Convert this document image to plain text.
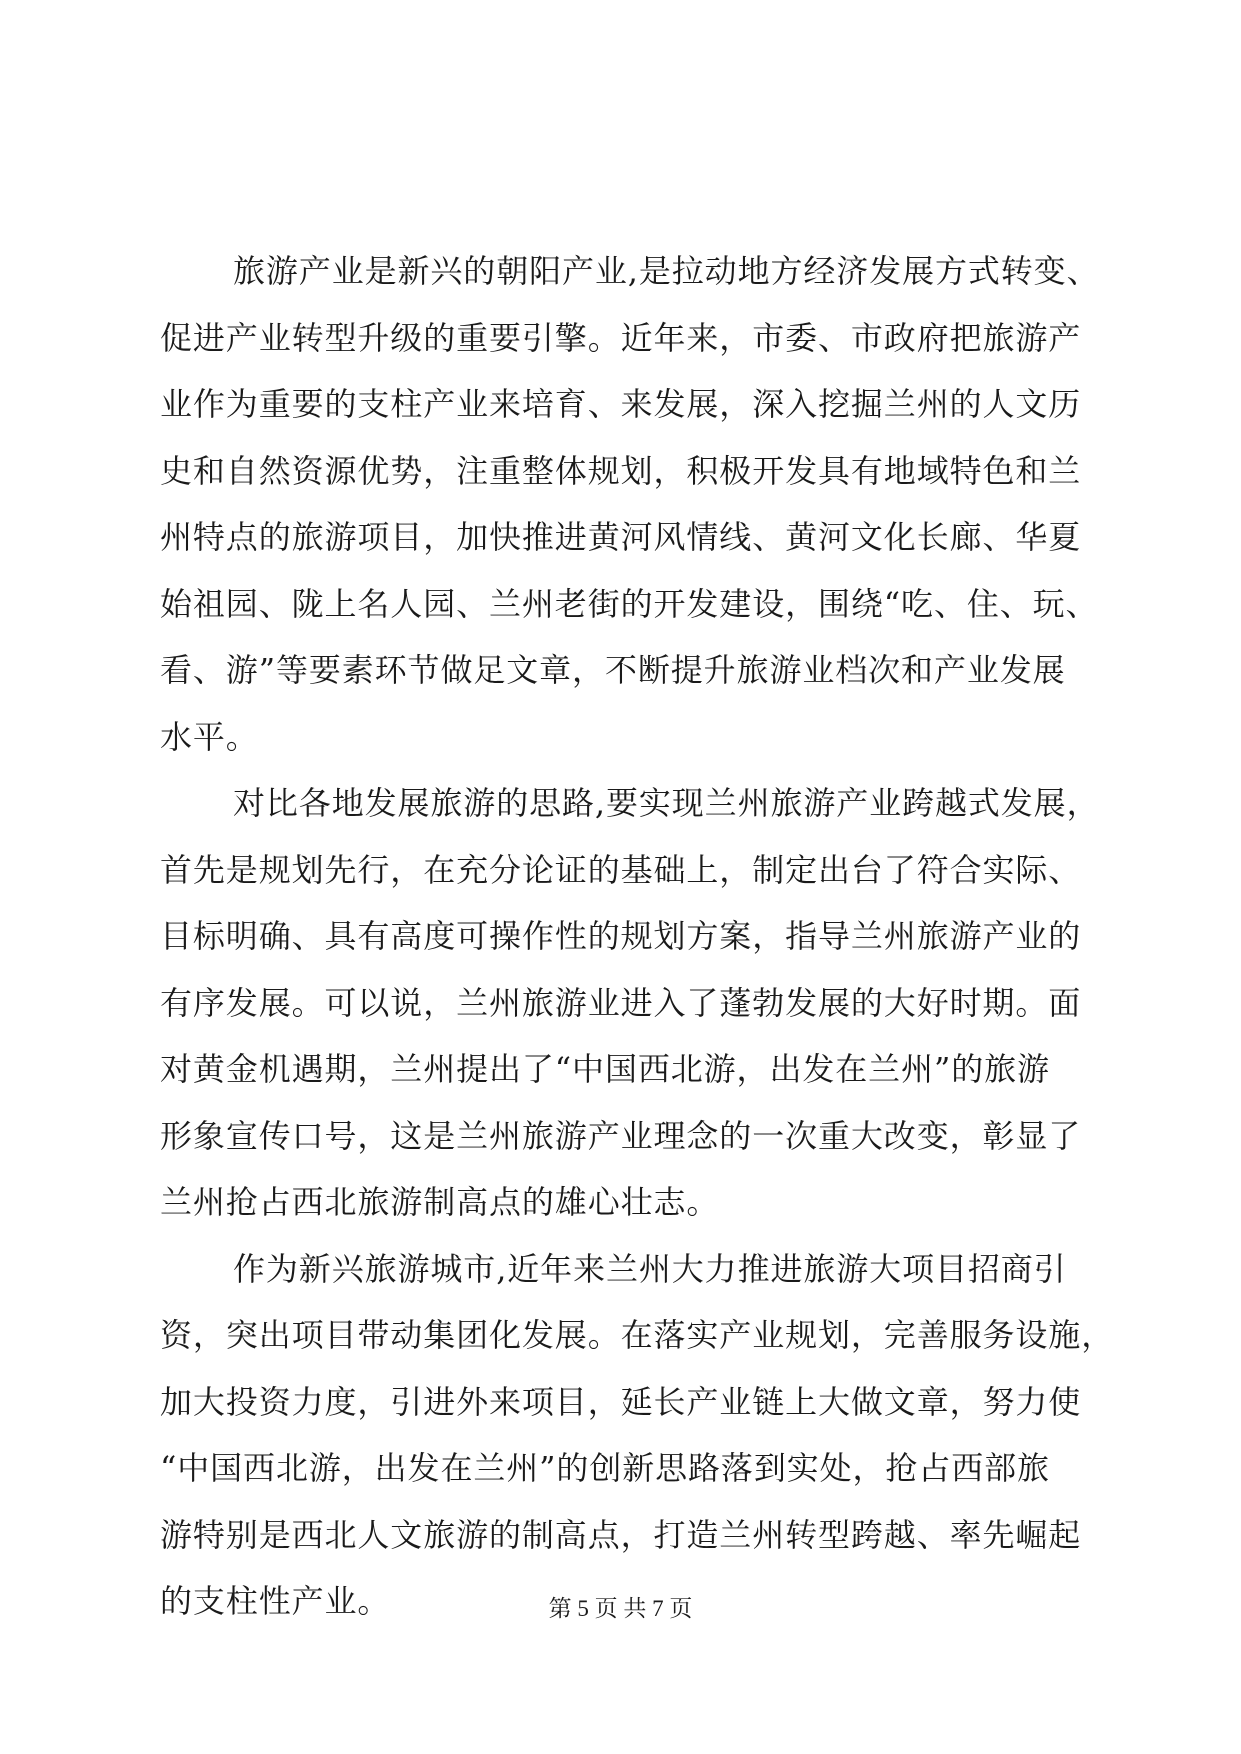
旅游产业是新兴的朝阳产业,是拉动地方经济发展方式转变、
促进产业转型升级的重要引擎。近年来，市委、市政府把旅游产
业作为重要的支柱产业来培育、来发展，深入挖掘兰州的人文历
史和自然资源优势，注重整体规划，积极开发具有地域特色和兰
州特点的旅游项目，加快推进黄河风情线、黄河文化长廊、华夏
始祖园、陇上名人园、兰州老街的开发建设，围绕“吃、住、玩、
看、游”等要素环节做足文章，不断提升旅游业档次和产业发展
水平。
对比各地发展旅游的思路,要实现兰州旅游产业跨越式发展，
首先是规划先行，在充分论证的基础上，制定出台了符合实际、
目标明确、具有高度可操作性的规划方案，指导兰州旅游产业的
有序发展。可以说，兰州旅游业进入了蓬勃发展的大好时期。面
对黄金机遇期，兰州提出了“中国西北游，出发在兰州”的旅游
形象宣传口号，这是兰州旅游产业理念的一次重大改变，彰显了
兰州抢占西北旅游制高点的雄心壮志。
作为新兴旅游城市,近年来兰州大力推进旅游大项目招商引
资，突出项目带动集团化发展。在落实产业规划，完善服务设施，
加大投资力度，引进外来项目，延长产业链上大做文章，努力使
“中国西北游，出发在兰州”的创新思路落到实处，抢占西部旅
游特别是西北人文旅游的制高点，打造兰州转型跨越、率先崛起
的支柱性产业。	第 5 页 共 7 页
